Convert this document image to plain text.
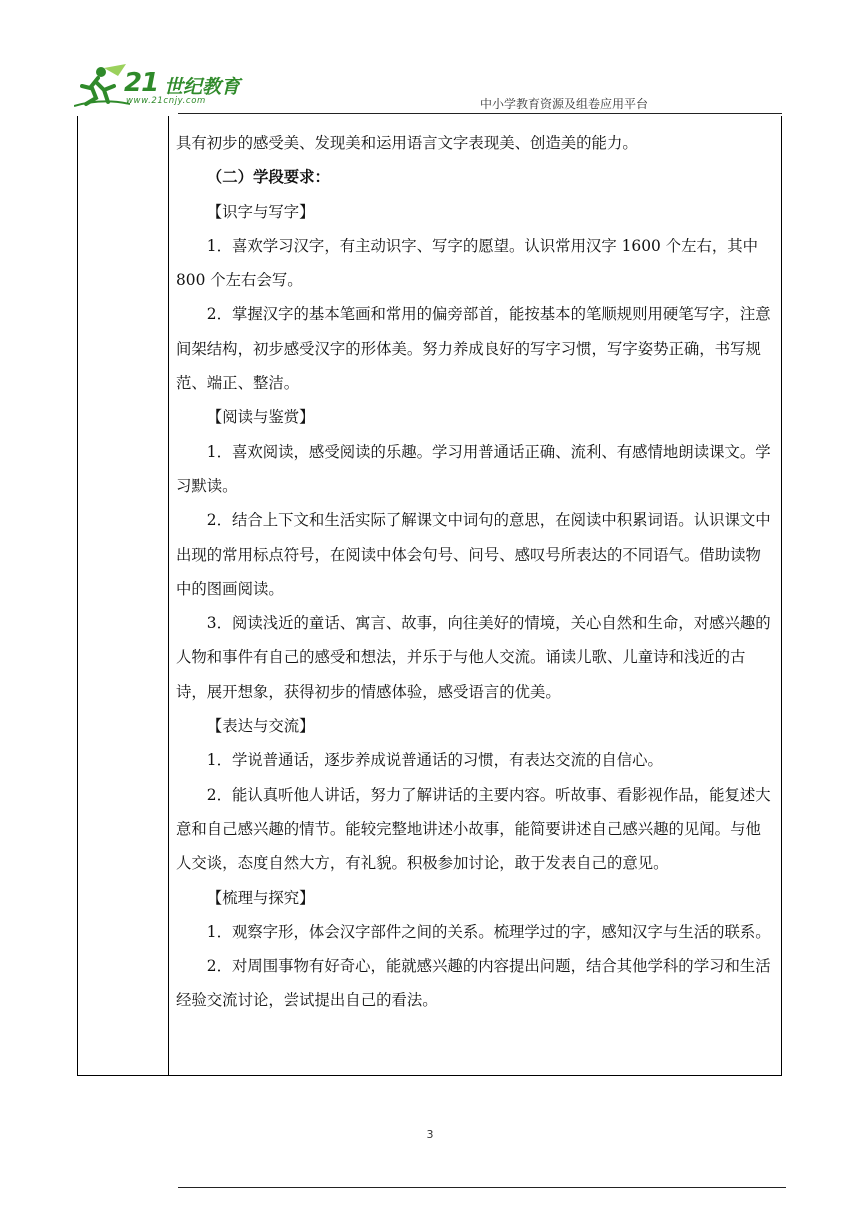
21 世纪教育
www.21cnjy.com	中小学教育资源及组卷应用平台

具有初步的感受美、发现美和运用语言文字表现美、创造美的能力。

（二）学段要求：

【识字与写字】

1．喜欢学习汉字，有主动识字、写字的愿望。认识常用汉字 1600 个左右，其中 800 个左右会写。

2．掌握汉字的基本笔画和常用的偏旁部首，能按基本的笔顺规则用硬笔写字，注意间架结构，初步感受汉字的形体美。努力养成良好的写字习惯，写字姿势正确，书写规范、端正、整洁。

【阅读与鉴赏】

1．喜欢阅读，感受阅读的乐趣。学习用普通话正确、流利、有感情地朗读课文。学习默读。

2．结合上下文和生活实际了解课文中词句的意思，在阅读中积累词语。认识课文中出现的常用标点符号，在阅读中体会句号、问号、感叹号所表达的不同语气。借助读物中的图画阅读。

3．阅读浅近的童话、寓言、故事，向往美好的情境，关心自然和生命，对感兴趣的人物和事件有自己的感受和想法，并乐于与他人交流。诵读儿歌、儿童诗和浅近的古诗，展开想象，获得初步的情感体验，感受语言的优美。

【表达与交流】

1．学说普通话，逐步养成说普通话的习惯，有表达交流的自信心。

2．能认真听他人讲话，努力了解讲话的主要内容。听故事、看影视作品，能复述大意和自己感兴趣的情节。能较完整地讲述小故事，能简要讲述自己感兴趣的见闻。与他人交谈，态度自然大方，有礼貌。积极参加讨论，敢于发表自己的意见。

【梳理与探究】

1．观察字形，体会汉字部件之间的关系。梳理学过的字，感知汉字与生活的联系。

2．对周围事物有好奇心，能就感兴趣的内容提出问题，结合其他学科的学习和生活经验交流讨论，尝试提出自己的看法。

3
